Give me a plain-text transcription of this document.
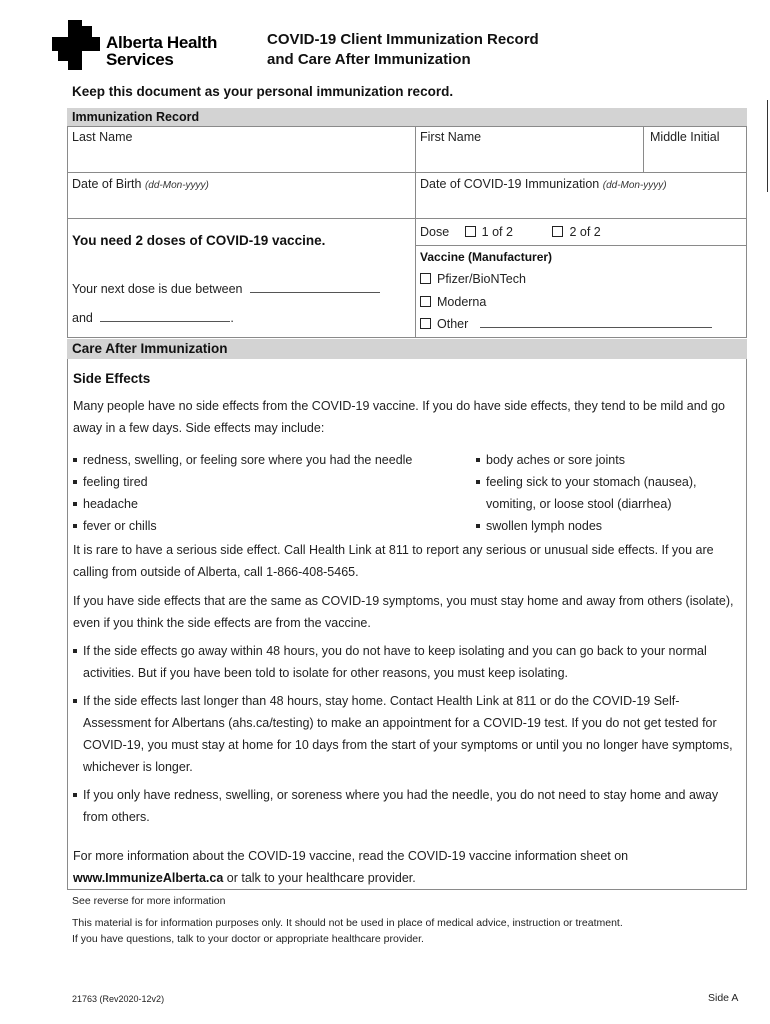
Alberta Health
Services
COVID-19 Client Immunization Record
and Care After Immunization
Keep this document as your personal immunization record.
Immunization Record
Last Name	First Name	Middle Initial
Date of Birth (dd-Mon-yyyy)	Date of COVID-19 Immunization (dd-Mon-yyyy)
You need 2 doses of COVID-19 vaccine.
Your next dose is due between
and	.
Dose	1 of 2	2 of 2
Vaccine (Manufacturer)
Pfizer/BioNTech
Moderna
Other
Care After Immunization
Side Effects

Many people have no side effects from the COVID-19 vaccine. If you do have side effects, they tend to be mild and go away in a few days. Side effects may include:

redness, swelling, or feeling sore where you had the needle
feeling tired
headache
fever or chills
body aches or sore joints
feeling sick to your stomach (nausea), vomiting, or loose stool (diarrhea)
swollen lymph nodes

It is rare to have a serious side effect. Call Health Link at 811 to report any serious or unusual side effects. If you are calling from outside of Alberta, call 1-866-408-5465.

If you have side effects that are the same as COVID-19 symptoms, you must stay home and away from others (isolate), even if you think the side effects are from the vaccine.

If the side effects go away within 48 hours, you do not have to keep isolating and you can go back to your normal activities. But if you have been told to isolate for other reasons, you must keep isolating.

If the side effects last longer than 48 hours, stay home. Contact Health Link at 811 or do the COVID-19 Self-Assessment for Albertans (ahs.ca/testing) to make an appointment for a COVID-19 test. If you do not get tested for COVID-19, you must stay at home for 10 days from the start of your symptoms or until you no longer have symptoms, whichever is longer.

If you only have redness, swelling, or soreness where you had the needle, you do not need to stay home and away from others.

For more information about the COVID-19 vaccine, read the COVID-19 vaccine information sheet on
www.ImmunizeAlberta.ca or talk to your healthcare provider.

See reverse for more information
This material is for information purposes only. It should not be used in place of medical advice, instruction or treatment.
If you have questions, talk to your doctor or appropriate healthcare provider.
21763 (Rev2020-12v2)	Side A
